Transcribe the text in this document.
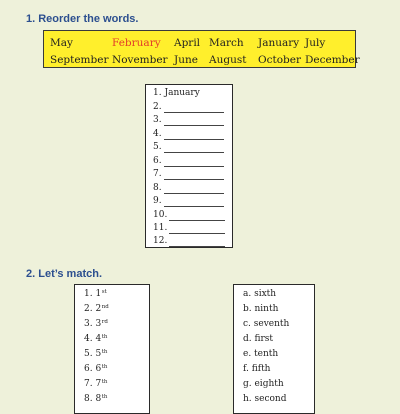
1. Reorder the words.
May	February April March January July
September November June August October December
1.
January
2.
3.
4.
5.
6.
7.
8.
9.
10.
11.
12.
2. Let’s match.
1. 1st
2. 2nd
3. 3rd
4. 4th
5. 5th
6. 6th
7. 7th
8. 8th
a. sixth
b. ninth
c. seventh
d. first
e. tenth
f. fifth
g. eighth
h. second
